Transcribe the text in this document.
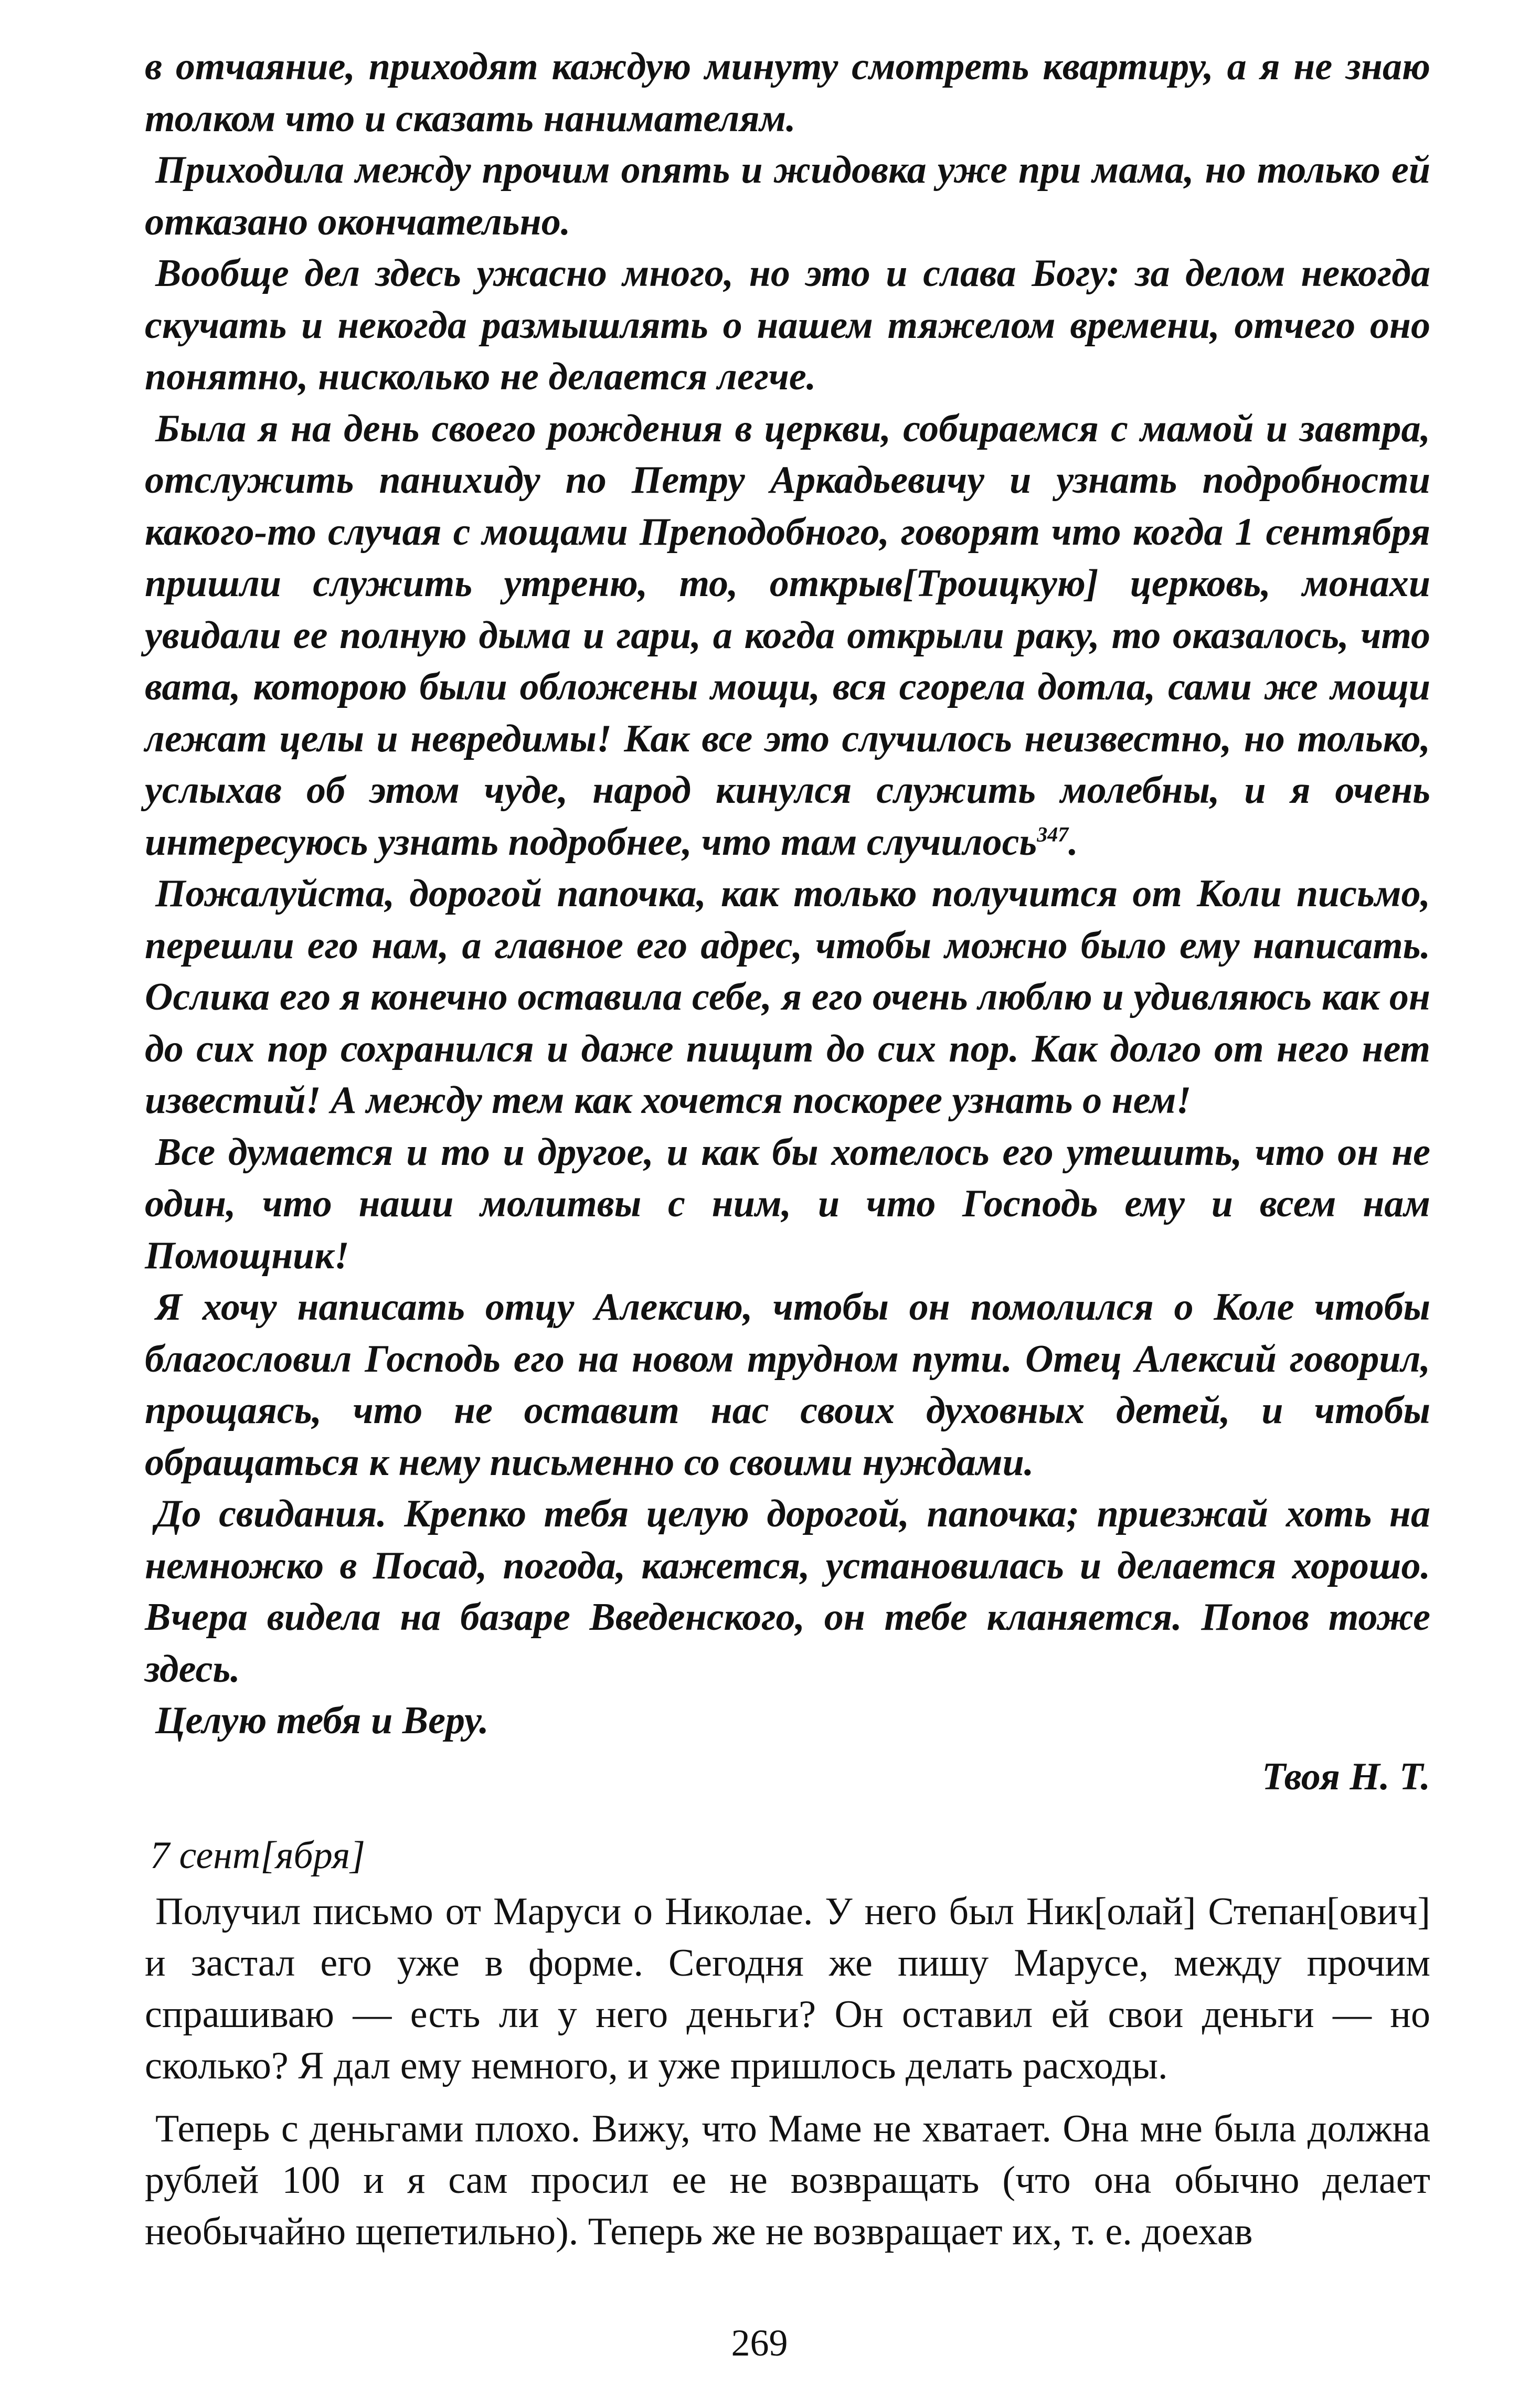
в отчаяние, приходят каждую минуту смотреть квартиру, а я не знаю толком что и сказать нанимателям.

Приходила между прочим опять и жидовка уже при мама, но только ей отказано окончательно.

Вообще дел здесь ужасно много, но это и слава Богу: за делом некогда скучать и некогда размышлять о нашем тяжелом времени, отчего оно понятно, нисколько не делается легче.

Была я на день своего рождения в церкви, собираемся с мамой и завтра, отслужить панихиду по Петру Аркадьевичу и узнать подробности какого-то случая с мощами Преподобного, говорят что когда 1 сентября пришли служить утреню, то, открыв[Троицкую] церковь, монахи увидали ее полную дыма и гари, а когда открыли раку, то оказалось, что вата, которою были обложены мощи, вся сгорела дотла, сами же мощи лежат целы и невредимы! Как все это случилось неизвестно, но только, услыхав об этом чуде, народ кинулся служить молебны, и я очень интересуюсь узнать подробнее, что там случилось$^{347}$.

Пожалуйста, дорогой папочка, как только получится от Коли письмо, перешли его нам, а главное его адрес, чтобы можно было ему написать. Ослика его я конечно оставила себе, я его очень люблю и удивляюсь как он до сих пор сохранился и даже пищит до сих пор. Как долго от него нет известий! А между тем как хочется поскорее узнать о нем!

Все думается и то и другое, и как бы хотелось его утешить, что он не один, что наши молитвы с ним, и что Господь ему и всем нам Помощник!

Я хочу написать отцу Алексию, чтобы он помолился о Коле чтобы благословил Господь его на новом трудном пути. Отец Алексий говорил, прощаясь, что не оставит нас своих духовных детей, и чтобы обращаться к нему письменно со своими нуждами.

До свидания. Крепко тебя целую дорогой, папочка; приезжай хоть на немножко в Посад, погода, кажется, установилась и делается хорошо. Вчера видела на базаре Введенского, он тебе кланяется. Попов тоже здесь.

Целую тебя и Веру.

Твоя Н. Т.

7 сент[ября]

Получил письмо от Маруси о Николае. У него был Ник[олай] Степан[ович] и застал его уже в форме. Сегодня же пишу Марусе, между прочим спрашиваю — есть ли у него деньги? Он оставил ей свои деньги — но сколько? Я дал ему немного, и уже пришлось делать расходы.

Теперь с деньгами плохо. Вижу, что Маме не хватает. Она мне была должна рублей 100 и я сам просил ее не возвращать (что она обычно делает необычайно щепетильно). Теперь же не возвращает их, т. е. доехав

269
